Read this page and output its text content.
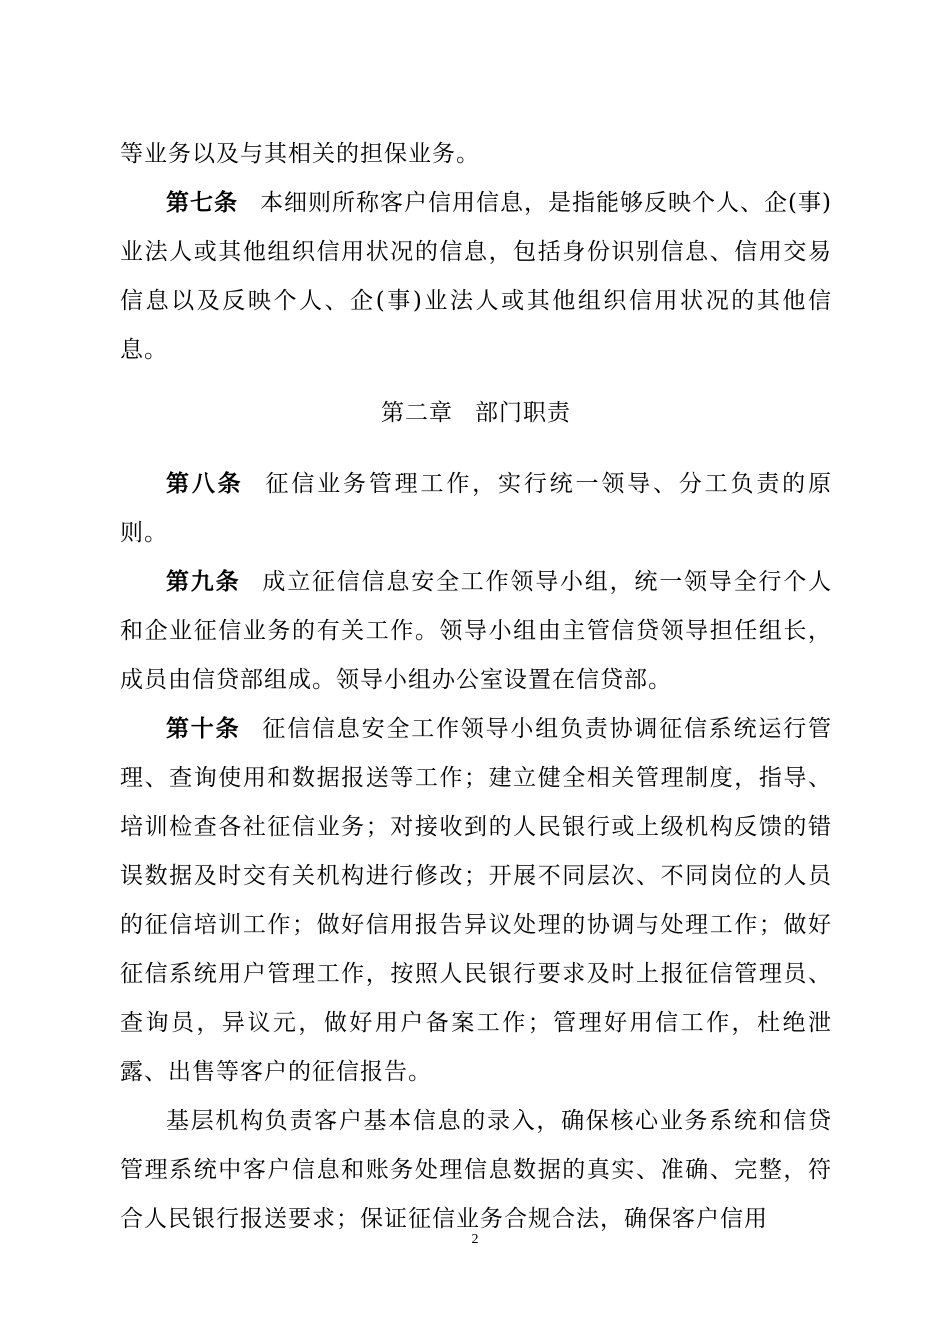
等业务以及与其相关的担保业务。

第七条 本细则所称客户信用信息，是指能够反映个人、企(事)业法人或其他组织信用状况的信息，包括身份识别信息、信用交易信息以及反映个人、企(事)业法人或其他组织信用状况的其他信息。

第二章 部门职责

第八条 征信业务管理工作，实行统一领导、分工负责的原则。

第九条 成立征信信息安全工作领导小组，统一领导全行个人和企业征信业务的有关工作。领导小组由主管信贷领导担任组长，成员由信贷部组成。领导小组办公室设置在信贷部。

第十条 征信信息安全工作领导小组负责协调征信系统运行管理、查询使用和数据报送等工作；建立健全相关管理制度，指导、培训检查各社征信业务；对接收到的人民银行或上级机构反馈的错误数据及时交有关机构进行修改；开展不同层次、不同岗位的人员的征信培训工作；做好信用报告异议处理的协调与处理工作；做好征信系统用户管理工作，按照人民银行要求及时上报征信管理员、查询员，异议元，做好用户备案工作；管理好用信工作，杜绝泄露、出售等客户的征信报告。

基层机构负责客户基本信息的录入，确保核心业务系统和信贷管理系统中客户信息和账务处理信息数据的真实、准确、完整，符合人民银行报送要求；保证征信业务合规合法，确保客户信用

2
